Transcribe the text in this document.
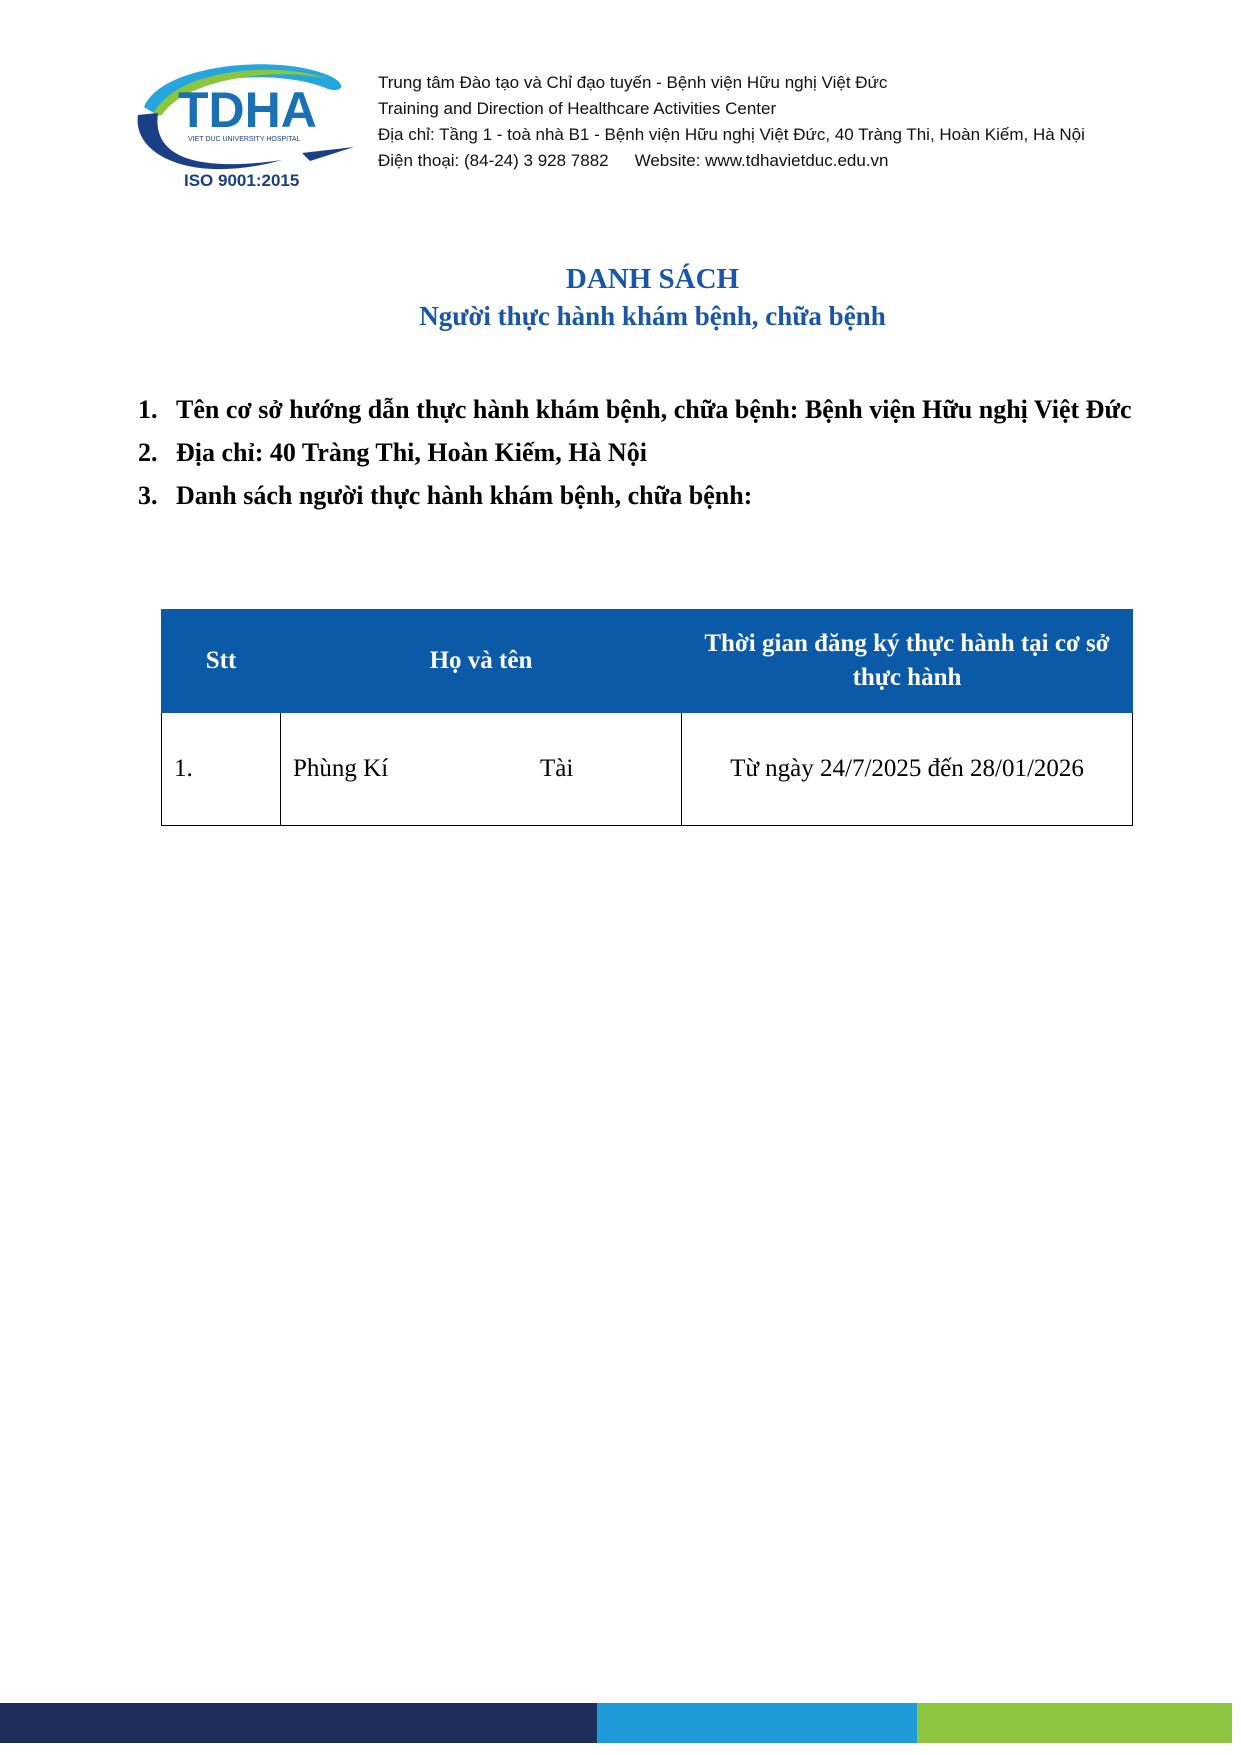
TDHA
VIET DUC UNIVERSITY HOSPITAL
ISO 9001:2015
Trung tâm Đào tạo và Chỉ đạo tuyến - Bệnh viện Hữu nghị Việt Đức
Training and Direction of Healthcare Activities Center
Địa chỉ: Tầng 1 - toà nhà B1 - Bệnh viện Hữu nghị Việt Đức, 40 Tràng Thi, Hoàn Kiếm, Hà Nội
Điện thoại: (84-24) 3 928 7882 Website: www.tdhavietduc.edu.vn
DANH SÁCH
Người thực hành khám bệnh, chữa bệnh
1. Tên cơ sở hướng dẫn thực hành khám bệnh, chữa bệnh: Bệnh viện Hữu nghị Việt Đức
2. Địa chỉ: 40 Tràng Thi, Hoàn Kiếm, Hà Nội
3. Danh sách người thực hành khám bệnh, chữa bệnh:
Stt	Họ và tên	Thời gian đăng ký thực hành tại cơ sở thực hành
1.	Phùng Kí Tài	Từ ngày 24/7/2025 đến 28/01/2026
